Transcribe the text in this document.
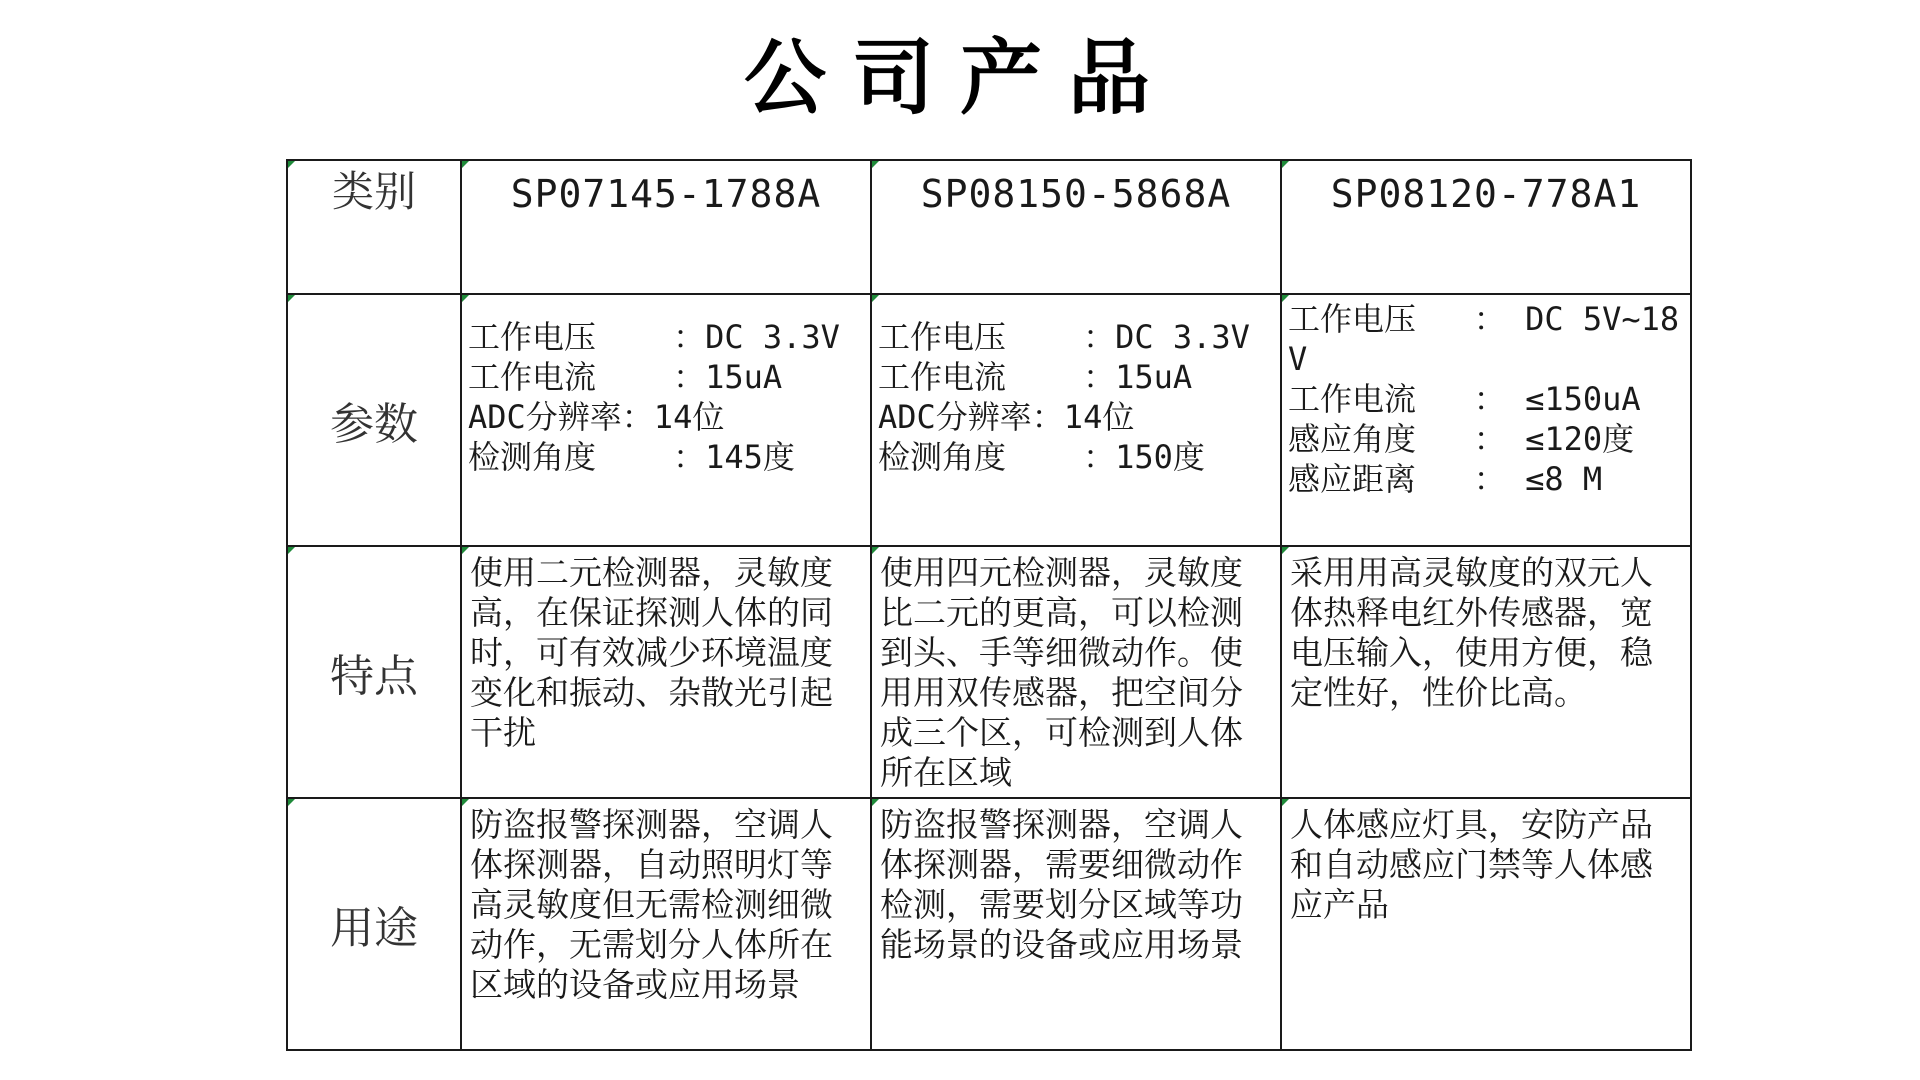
公司产品
类别	SP07145-1788A	SP08150-5868A	SP08120-778A1
参数	工作电压    ：DC 3.3V
工作电流    ：15uA
ADC分辨率：14位
检测角度    ：145度	工作电压    ：DC 3.3V
工作电流    ：15uA
ADC分辨率：14位
检测角度    ：150度	工作电压   ： DC 5V~18V
工作电流   ： ≤150uA
感应角度   ： ≤120度
感应距离   ： ≤8 M

特点	使用二元检测器，灵敏度高，在保证探测人体的同时，可有效减少环境温度变化和振动、杂散光引起干扰	使用四元检测器，灵敏度比二元的更高，可以检测到头、手等细微动作。使用用双传感器，把空间分成三个区，可检测到人体所在区域	采用用高灵敏度的双元人体热释电红外传感器，宽电压输入，使用方便，稳定性好，性价比高。

用途	防盗报警探测器，空调人体探测器，自动照明灯等高灵敏度但无需检测细微动作，无需划分人体所在区域的设备或应用场景	防盗报警探测器，空调人体探测器，需要细微动作检测，需要划分区域等功能场景的设备或应用场景	人体感应灯具，安防产品和自动感应门禁等人体感应产品
